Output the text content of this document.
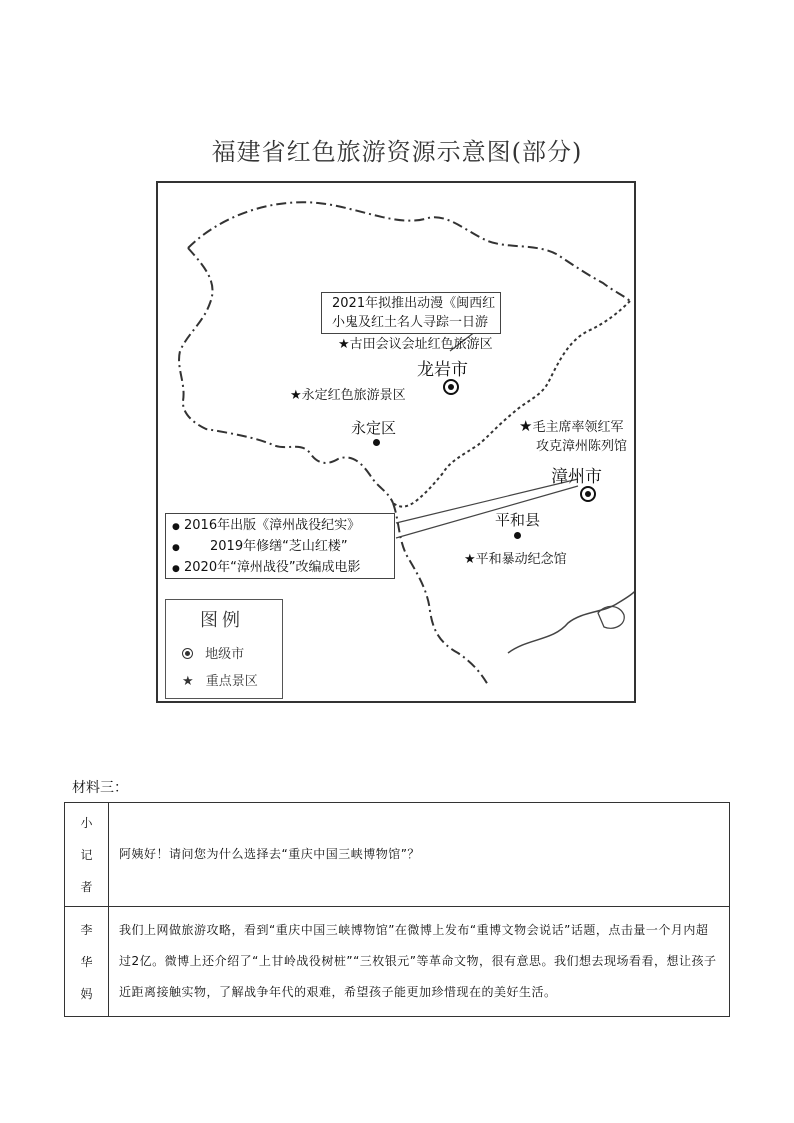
福建省红色旅游资源示意图(部分)
2021年拟推出动漫《闽西红
小鬼及红土名人寻踪一日游
★古田会议会址红色旅游区
★永定红色旅游景区
★毛主席率领红军
攻克漳州陈列馆
★平和暴动纪念馆
龙岩市
漳州市
永定区
平和县
● 2016年出版《漳州战役纪实》
● 2019年修缮“芝山红楼”
● 2020年“漳州战役”改编成电影
图例
地级市
★ 重点景区
材料三：
小
记
者	阿姨好！请问您为什么选择去“重庆中国三峡博物馆”？

李
华
妈	我们上网做旅游攻略，看到“重庆中国三峡博物馆”在微博上发布“重博文物会说话”话题，点击量一个月内超过2亿。微博上还介绍了“上甘岭战役树桩”“三枚银元”等革命文物，很有意思。我们想去现场看看，想让孩子近距离接触实物，了解战争年代的艰难，希望孩子能更加珍惜现在的美好生活。
